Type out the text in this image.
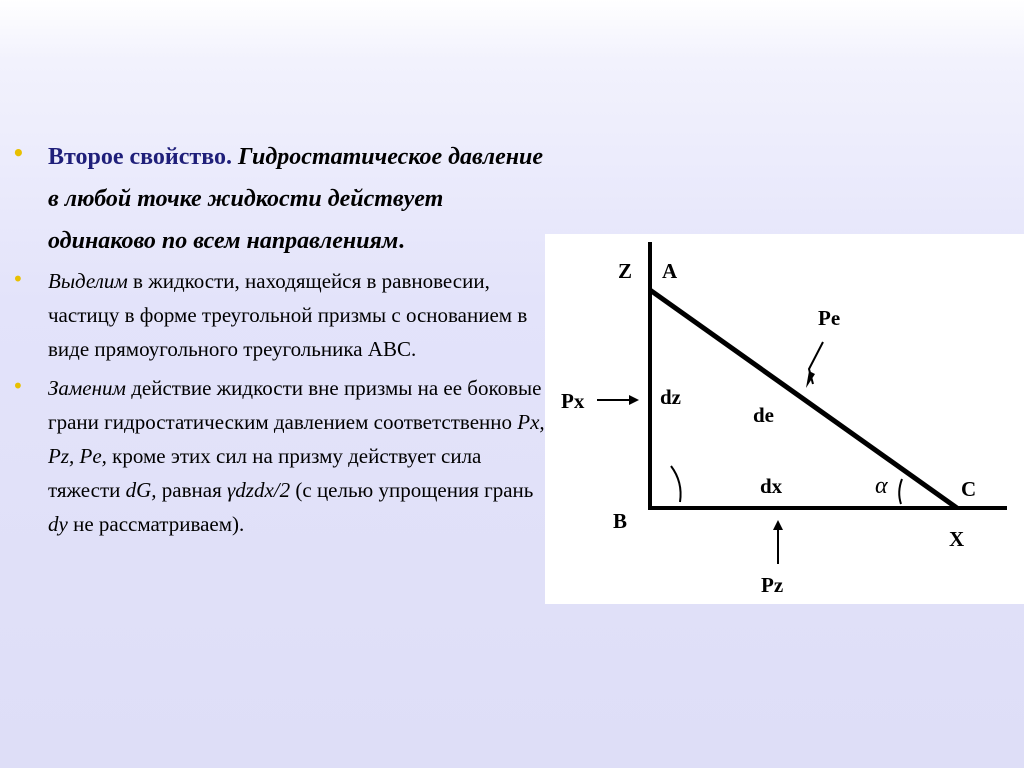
• Второе свойство. Гидростатическое давление в любой точке жидкости действует одинаково по всем направлениям.
• Выделим в жидкости, находящейся в равновесии, частицу в форме треугольной призмы с основанием в виде прямоугольного треугольника ABC.
• Заменим действие жидкости вне призмы на ее боковые грани гидростатическим давлением соответственно Px, Pz, Pe, кроме этих сил на призму действует сила тяжести dG, равная γdzdx/2 (с целью упрощения грань dy не рассматриваем).
Z A
Pe
Px	dz
de
dx	α	C
B
X
Pz
